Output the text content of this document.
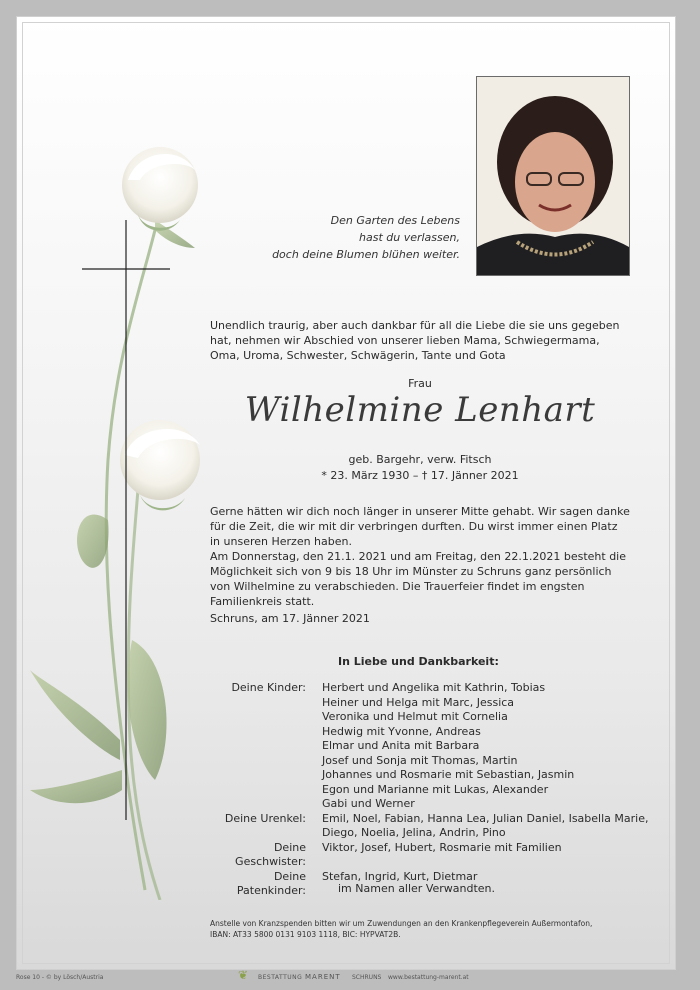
Den Garten des Lebens
hast du verlassen,
doch deine Blumen blühen weiter.
Unendlich traurig, aber auch dankbar für all die Liebe die sie uns gegeben hat, nehmen wir Abschied von unserer lieben Mama, Schwiegermama, Oma, Uroma, Schwester, Schwägerin, Tante und Gota
Frau
Wilhelmine Lenhart
geb. Bargehr, verw. Fitsch
* 23. März 1930 – † 17. Jänner 2021
Gerne hätten wir dich noch länger in unserer Mitte gehabt. Wir sagen danke für die Zeit, die wir mit dir verbringen durften. Du wirst immer einen Platz in unseren Herzen haben.
Am Donnerstag, den 21.1. 2021 und am Freitag, den 22.1.2021 besteht die Möglichkeit sich von 9 bis 18 Uhr im Münster zu Schruns ganz persönlich von Wilhelmine zu verabschieden. Die Trauerfeier findet im engsten Familienkreis statt.
Schruns, am 17. Jänner 2021
In Liebe und Dankbarkeit:
Deine Kinder:	Herbert und Angelika mit Kathrin, Tobias
Heiner und Helga mit Marc, Jessica
Veronika und Helmut mit Cornelia
Hedwig mit Yvonne, Andreas
Elmar und Anita mit Barbara
Josef und Sonja mit Thomas, Martin
Johannes und Rosmarie mit Sebastian, Jasmin
Egon und Marianne mit Lukas, Alexander
Gabi und Werner
Deine Urenkel:	Emil, Noel, Fabian, Hanna Lea, Julian Daniel, Isabella Marie,
Diego, Noelia, Jelina, Andrin, Pino
Deine Geschwister:
Viktor, Josef, Hubert, Rosmarie mit Familien
Deine Patenkinder:
Stefan, Ingrid, Kurt, Dietmar
im Namen aller Verwandten.
Anstelle von Kranzspenden bitten wir um Zuwendungen an den Krankenpflegeverein Außermontafon,
IBAN: AT33 5800 0131 9103 1118, BIC: HYPVAT2B.
Rose 10 - © by Lösch/Austria	❦ BESTATTUNG MARENT SCHRUNS www.bestattung-marent.at
